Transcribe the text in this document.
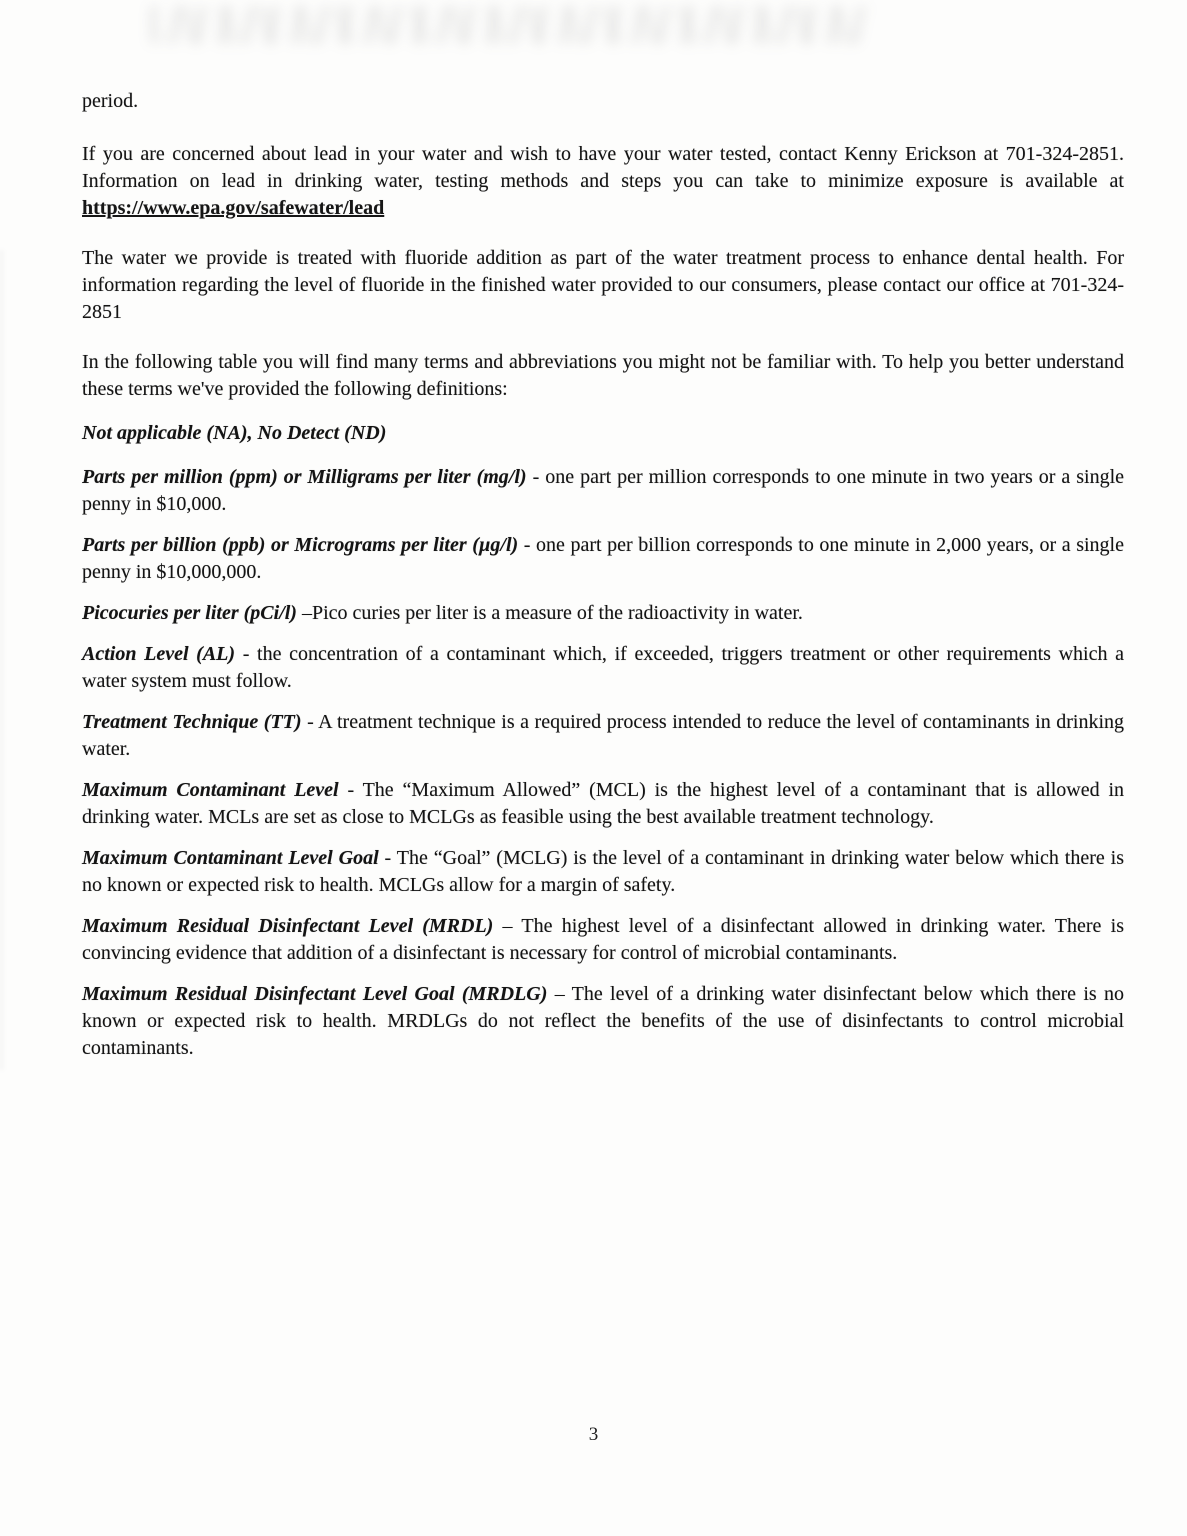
period.

If you are concerned about lead in your water and wish to have your water tested, contact Kenny Erickson at 701-324-2851. Information on lead in drinking water, testing methods and steps you can take to minimize exposure is available at https://www.epa.gov/safewater/lead

The water we provide is treated with fluoride addition as part of the water treatment process to enhance dental health. For information regarding the level of fluoride in the finished water provided to our consumers, please contact our office at 701-324-2851

In the following table you will find many terms and abbreviations you might not be familiar with. To help you better understand these terms we've provided the following definitions:

Not applicable (NA), No Detect (ND)

Parts per million (ppm) or Milligrams per liter (mg/l) - one part per million corresponds to one minute in two years or a single penny in $10,000.

Parts per billion (ppb) or Micrograms per liter (µg/l) - one part per billion corresponds to one minute in 2,000 years, or a single penny in $10,000,000.

Picocuries per liter (pCi/l) –Pico curies per liter is a measure of the radioactivity in water.

Action Level (AL) - the concentration of a contaminant which, if exceeded, triggers treatment or other requirements which a water system must follow.

Treatment Technique (TT) - A treatment technique is a required process intended to reduce the level of contaminants in drinking water.

Maximum Contaminant Level - The “Maximum Allowed” (MCL) is the highest level of a contaminant that is allowed in drinking water. MCLs are set as close to MCLGs as feasible using the best available treatment technology.

Maximum Contaminant Level Goal - The “Goal” (MCLG) is the level of a contaminant in drinking water below which there is no known or expected risk to health. MCLGs allow for a margin of safety.

Maximum Residual Disinfectant Level (MRDL) – The highest level of a disinfectant allowed in drinking water. There is convincing evidence that addition of a disinfectant is necessary for control of microbial contaminants.

Maximum Residual Disinfectant Level Goal (MRDLG) – The level of a drinking water disinfectant below which there is no known or expected risk to health. MRDLGs do not reflect the benefits of the use of disinfectants to control microbial contaminants.

3
